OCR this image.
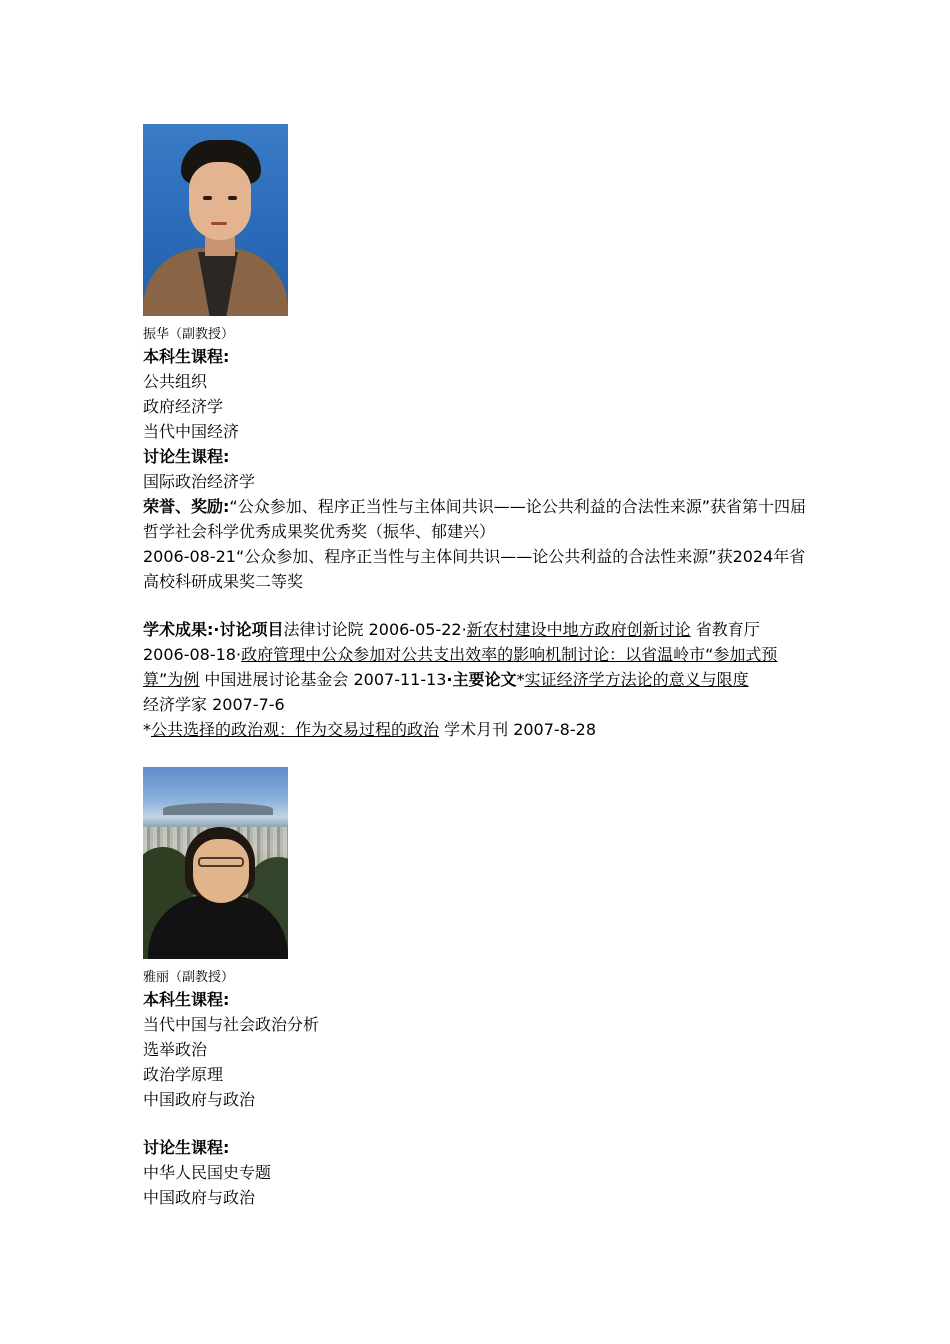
振华（副教授）
本科生课程:
公共组织
政府经济学
当代中国经济
讨论生课程:
国际政治经济学
荣誉、奖励:“公众参加、程序正当性与主体间共识——论公共利益的合法性来源”获省第十四届哲学社会科学优秀成果奖优秀奖（振华、郁建兴）
2006-08-21“公众参加、程序正当性与主体间共识——论公共利益的合法性来源”获2024年省高校科研成果奖二等奖
学术成果:·讨论项目法律讨论院 2006-05-22·新农村建设中地方政府创新讨论 省教育厅 2006-08-18·政府管理中公众参加对公共支出效率的影响机制讨论：以省温岭市“参加式预算”为例 中国进展讨论基金会 2007-11-13·主要论文*实证经济学方法论的意义与限度
经济学家 2007-7-6
*公共选择的政治观：作为交易过程的政治 学术月刊 2007-8-28
雅丽（副教授）
本科生课程:
当代中国与社会政治分析
选举政治
政治学原理
中国政府与政治
讨论生课程:
中华人民国史专题
中国政府与政治
